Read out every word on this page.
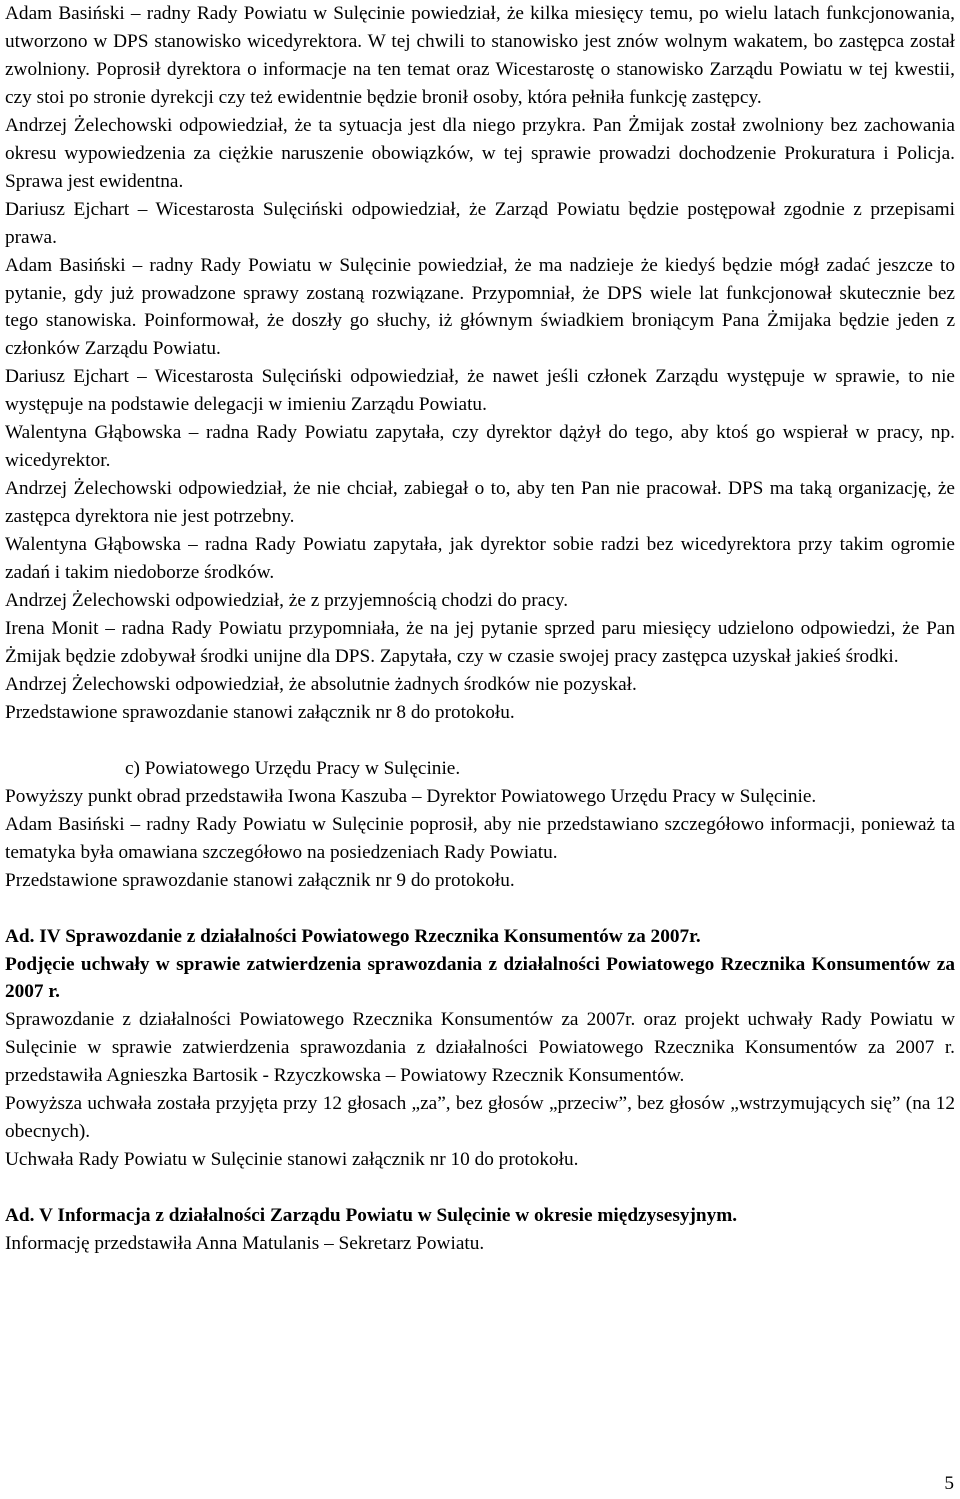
Adam Basiński – radny Rady Powiatu w Sulęcinie powiedział, że kilka miesięcy temu, po wielu latach funkcjonowania, utworzono w DPS stanowisko wicedyrektora. W tej chwili to stanowisko jest znów wolnym wakatem, bo zastępca został zwolniony. Poprosił dyrektora o informacje na ten temat oraz Wicestarostę o stanowisko Zarządu Powiatu w tej kwestii, czy stoi po stronie dyrekcji czy też ewidentnie będzie bronił osoby, która pełniła funkcję zastępcy.

Andrzej Żelechowski odpowiedział, że ta sytuacja jest dla niego przykra. Pan Żmijak został zwolniony bez zachowania okresu wypowiedzenia za ciężkie naruszenie obowiązków, w tej sprawie prowadzi dochodzenie Prokuratura i Policja. Sprawa jest ewidentna.

Dariusz Ejchart – Wicestarosta Sulęciński odpowiedział, że Zarząd Powiatu będzie postępował zgodnie z przepisami prawa.

Adam Basiński – radny Rady Powiatu w Sulęcinie powiedział, że ma nadzieje że kiedyś będzie mógł zadać jeszcze to pytanie, gdy już prowadzone sprawy zostaną rozwiązane. Przypomniał, że DPS wiele lat funkcjonował skutecznie bez tego stanowiska. Poinformował, że doszły go słuchy, iż głównym świadkiem broniącym Pana Żmijaka będzie jeden z członków Zarządu Powiatu.

Dariusz Ejchart – Wicestarosta Sulęciński odpowiedział, że nawet jeśli członek Zarządu występuje w sprawie, to nie występuje na podstawie delegacji w imieniu Zarządu Powiatu.

Walentyna Głąbowska – radna Rady Powiatu zapytała, czy dyrektor dążył do tego, aby ktoś go wspierał w pracy, np. wicedyrektor.

Andrzej Żelechowski odpowiedział, że nie chciał, zabiegał o to, aby ten Pan nie pracował. DPS ma taką organizację, że zastępca dyrektora nie jest potrzebny.

Walentyna Głąbowska – radna Rady Powiatu zapytała, jak dyrektor sobie radzi bez wicedyrektora przy takim ogromie zadań i takim niedoborze środków.

Andrzej Żelechowski odpowiedział, że z przyjemnością chodzi do pracy.

Irena Monit – radna Rady Powiatu przypomniała, że na jej pytanie sprzed paru miesięcy udzielono odpowiedzi, że Pan Żmijak będzie zdobywał środki unijne dla DPS. Zapytała, czy w czasie swojej pracy zastępca uzyskał jakieś środki.

Andrzej Żelechowski odpowiedział, że absolutnie żadnych środków nie pozyskał.

Przedstawione sprawozdanie stanowi załącznik nr 8 do protokołu.

c) Powiatowego Urzędu Pracy w Sulęcinie.

Powyższy punkt obrad przedstawiła Iwona Kaszuba – Dyrektor Powiatowego Urzędu Pracy w Sulęcinie.

Adam Basiński – radny Rady Powiatu w Sulęcinie poprosił, aby nie przedstawiano szczegółowo informacji, ponieważ ta tematyka była omawiana szczegółowo na posiedzeniach Rady Powiatu.

Przedstawione sprawozdanie stanowi załącznik nr 9 do protokołu.

Ad. IV Sprawozdanie z działalności Powiatowego Rzecznika Konsumentów za 2007r.

Podjęcie uchwały w sprawie zatwierdzenia sprawozdania z działalności Powiatowego Rzecznika Konsumentów za 2007 r.

Sprawozdanie z działalności Powiatowego Rzecznika Konsumentów za 2007r. oraz projekt uchwały Rady Powiatu w Sulęcinie w sprawie zatwierdzenia sprawozdania z działalności Powiatowego Rzecznika Konsumentów za 2007 r. przedstawiła Agnieszka Bartosik - Rzyczkowska – Powiatowy Rzecznik Konsumentów.

Powyższa uchwała została przyjęta przy 12 głosach „za”, bez głosów „przeciw”, bez głosów „wstrzymujących się” (na 12 obecnych).

Uchwała Rady Powiatu w Sulęcinie stanowi załącznik nr 10 do protokołu.

Ad. V Informacja z działalności Zarządu Powiatu w Sulęcinie w okresie międzysesyjnym.

Informację przedstawiła Anna Matulanis – Sekretarz Powiatu.

5
